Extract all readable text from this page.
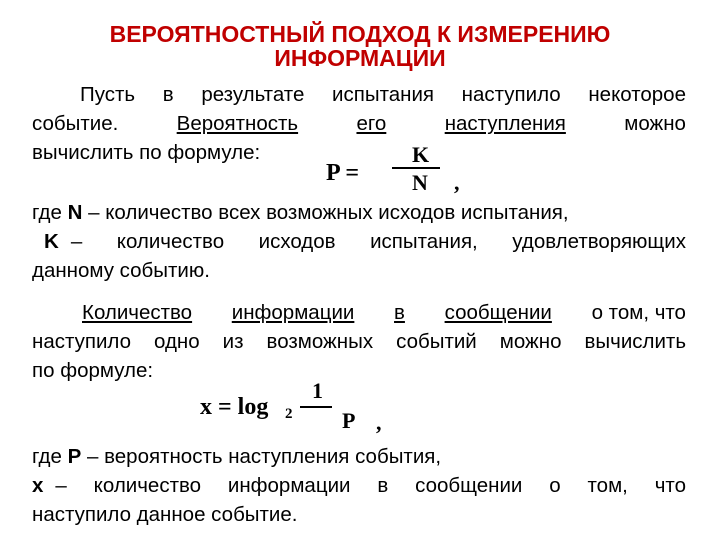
ВЕРОЯТНОСТНЫЙ ПОДХОД К ИЗМЕРЕНИЮ
ИНФОРМАЦИИ
Пусть в результате испытания наступило некоторое
событие.	Вероятность	его	наступления	можно
вычислить по формуле:
P =
K
N ,
где N – количество всех возможных исходов испытания,
K – количество исходов испытания, удовлетворяющих
данному событию.
Количество информации в сообщении о том, что
наступило одно из возможных событий можно вычислить
по формуле:
x = log 2
1
P ,
где P – вероятность наступления события,
x – количество информации в сообщении о том, что
наступило данное событие.
